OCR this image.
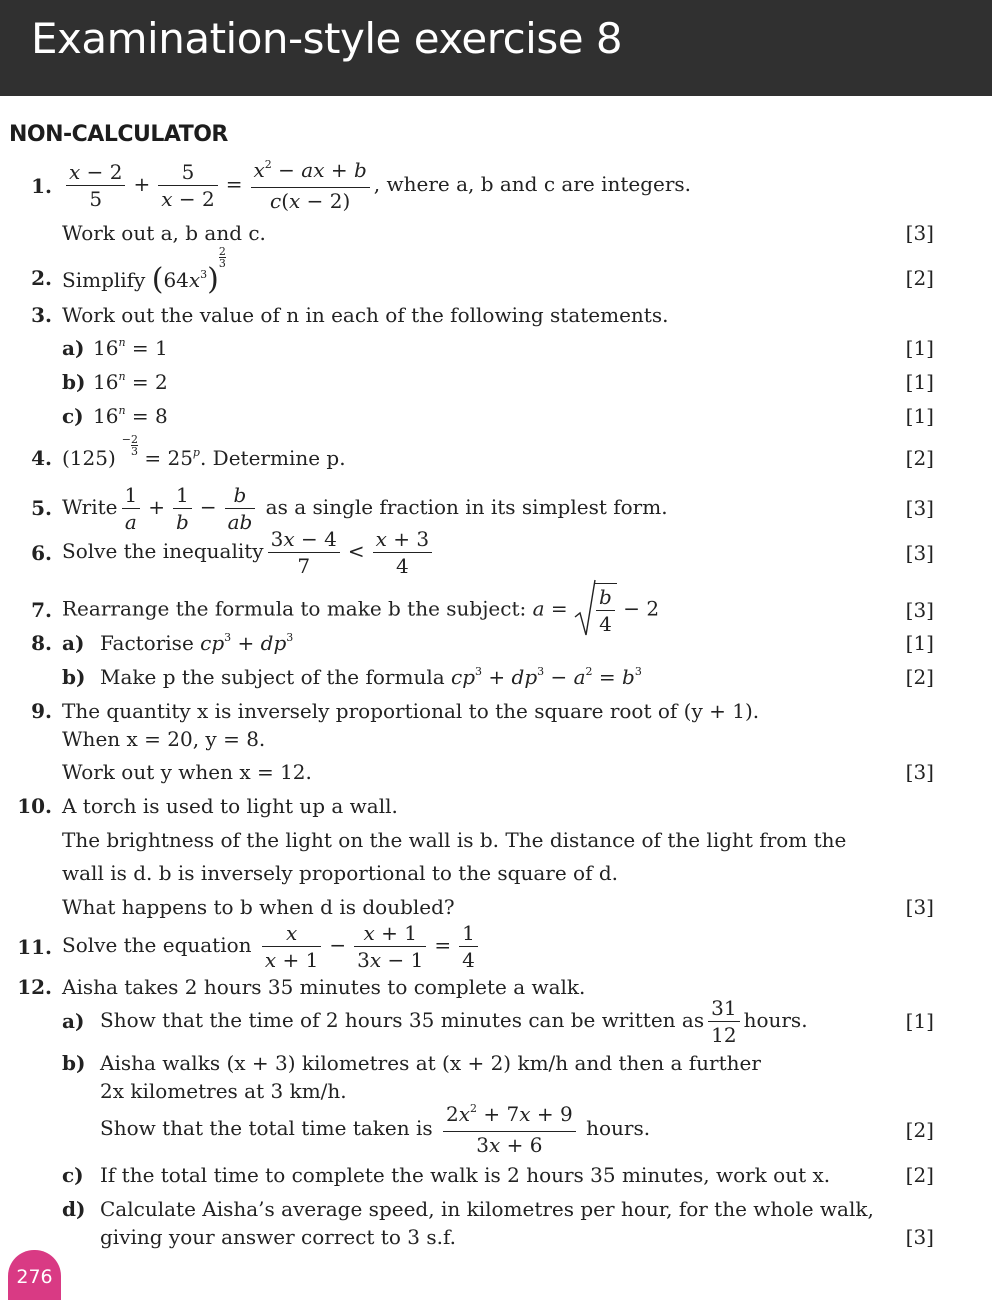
Examination-style exercise 8
NON-CALCULATOR
1. $\frac{x - 2}{5} + \frac{5}{x - 2} = \frac{x^2 - ax + b}{c(x - 2)}$ , where a, b and c are integers.
Work out a, b and c.	[3]
2. Simplify $(64x^3)$
$\frac{2}{3}$
[2]
3. Work out the value of n in each of the following statements.
a) $16^n = 1$	[1]
b) $16^n = 2$	[1]
c) $16^n = 8$	[1]
4. $(125)- \frac{2}{3}$
= $25^p$. Determine p.	[2]
5. Write $\frac{1}{a} + \frac{1}{b} - \frac{b}{ab}$ as a single fraction in its simplest form.	[3]
6. Solve the inequality $\frac{3x - 4}{7} < \frac{x + 3}{4}$	[3]
7. Rearrange the formula to make b the subject: $a = \frac{b}{4} - 2$	[3]
8. a) Factorise $cp^3 + dp^3$	[1]
b) Make p the subject of the formula $cp^3 + dp^3 - a^2 = b^3$	[2]
9. The quantity x is inversely proportional to the square root of (y + 1).
When x = 20, y = 8.
Work out y when x = 12.	[3]
10. A torch is used to light up a wall.
The brightness of the light on the wall is b. The distance of the light from the
wall is d. b is inversely proportional to the square of d.
What happens to b when d is doubled?	[3]
11. Solve the equation $\frac{x}{x + 1} - \frac{x + 1}{3x - 1} = \frac{1}{4}$
12. Aisha takes 2 hours 35 minutes to complete a walk.
a) Show that the time of 2 hours 35 minutes can be written as $\frac{31}{12}$ hours.	[1]
b) Aisha walks (x + 3) kilometres at (x + 2) km/h and then a further
2x kilometres at 3 km/h.
Show that the total time taken is $\frac{2x^2 + 7x + 9}{3x + 6}$ hours.	[2]
c) If the total time to complete the walk is 2 hours 35 minutes, work out x.	[2]
d) Calculate Aisha’s average speed, in kilometres per hour, for the whole walk,
giving your answer correct to 3 s.f.	[3]
276
